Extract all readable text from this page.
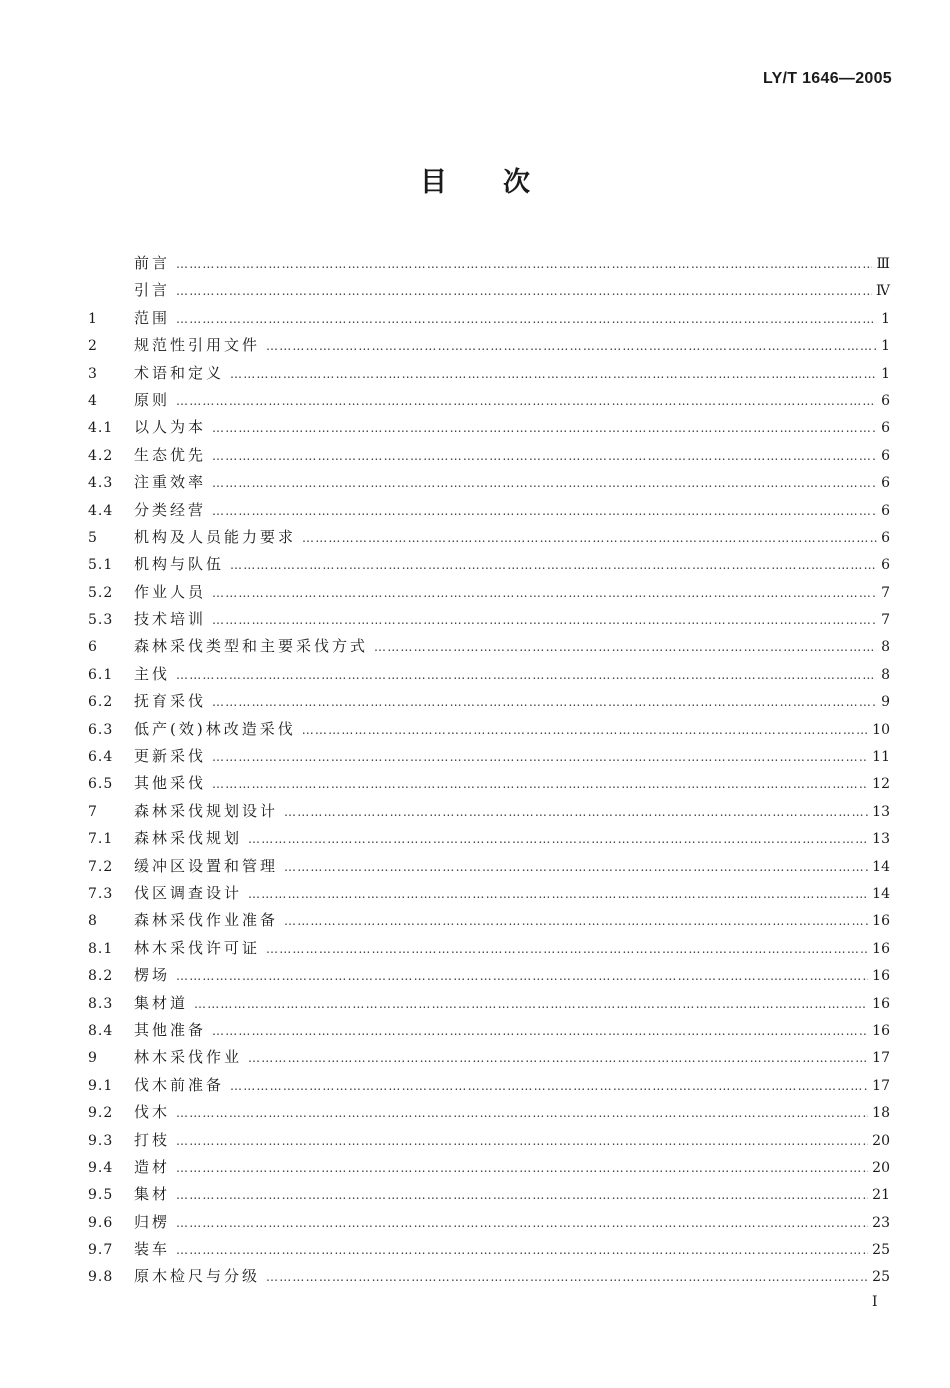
LY/T 1646—2005
目 次
前言 …………………………………………………………………………………………………………………………………………………………………………………………………………………………………………………………………	Ⅲ
引言 …………………………………………………………………………………………………………………………………………………………………………………………………………………………………………………………………	Ⅳ
1	范围 …………………………………………………………………………………………………………………………………………………………………………………………………………………………………………………………………	1
2	规范性引用文件 …………………………………………………………………………………………………………………………………………………………………………………………………………………………………………………………………	1
3	术语和定义 …………………………………………………………………………………………………………………………………………………………………………………………………………………………………………………………………	1
4	原则 …………………………………………………………………………………………………………………………………………………………………………………………………………………………………………………………………	6
4.1	以人为本 …………………………………………………………………………………………………………………………………………………………………………………………………………………………………………………………………	6
4.2	生态优先 …………………………………………………………………………………………………………………………………………………………………………………………………………………………………………………………………	6
4.3	注重效率 …………………………………………………………………………………………………………………………………………………………………………………………………………………………………………………………………	6
4.4	分类经营 …………………………………………………………………………………………………………………………………………………………………………………………………………………………………………………………………	6
5	机构及人员能力要求 …………………………………………………………………………………………………………………………………………………………………………………………………………………………………………………………………	6
5.1	机构与队伍 …………………………………………………………………………………………………………………………………………………………………………………………………………………………………………………………………	6
5.2	作业人员 …………………………………………………………………………………………………………………………………………………………………………………………………………………………………………………………………	7
5.3	技术培训 …………………………………………………………………………………………………………………………………………………………………………………………………………………………………………………………………	7
6	森林采伐类型和主要采伐方式 …………………………………………………………………………………………………………………………………………………………………………………………………………………………………………………………………	8
6.1	主伐 …………………………………………………………………………………………………………………………………………………………………………………………………………………………………………………………………	8
6.2	抚育采伐 …………………………………………………………………………………………………………………………………………………………………………………………………………………………………………………………………	9
6.3	低产(效)林改造采伐 …………………………………………………………………………………………………………………………………………………………………………………………………………………………………………………………………	10
6.4	更新采伐 …………………………………………………………………………………………………………………………………………………………………………………………………………………………………………………………………	11
6.5	其他采伐 …………………………………………………………………………………………………………………………………………………………………………………………………………………………………………………………………	12
7	森林采伐规划设计 …………………………………………………………………………………………………………………………………………………………………………………………………………………………………………………………………	13
7.1	森林采伐规划 …………………………………………………………………………………………………………………………………………………………………………………………………………………………………………………………………	13
7.2	缓冲区设置和管理 …………………………………………………………………………………………………………………………………………………………………………………………………………………………………………………………………	14
7.3	伐区调查设计 …………………………………………………………………………………………………………………………………………………………………………………………………………………………………………………………………	14
8	森林采伐作业准备 …………………………………………………………………………………………………………………………………………………………………………………………………………………………………………………………………	16
8.1	林木采伐许可证 …………………………………………………………………………………………………………………………………………………………………………………………………………………………………………………………………	16
8.2	楞场 …………………………………………………………………………………………………………………………………………………………………………………………………………………………………………………………………	16
8.3	集材道 …………………………………………………………………………………………………………………………………………………………………………………………………………………………………………………………………	16
8.4	其他准备 …………………………………………………………………………………………………………………………………………………………………………………………………………………………………………………………………	16
9	林木采伐作业 …………………………………………………………………………………………………………………………………………………………………………………………………………………………………………………………………	17
9.1	伐木前准备 …………………………………………………………………………………………………………………………………………………………………………………………………………………………………………………………………	17
9.2	伐木 …………………………………………………………………………………………………………………………………………………………………………………………………………………………………………………………………	18
9.3	打枝 …………………………………………………………………………………………………………………………………………………………………………………………………………………………………………………………………	20
9.4	造材 …………………………………………………………………………………………………………………………………………………………………………………………………………………………………………………………………	20
9.5	集材 …………………………………………………………………………………………………………………………………………………………………………………………………………………………………………………………………	21
9.6	归楞 …………………………………………………………………………………………………………………………………………………………………………………………………………………………………………………………………	23
9.7	装车 …………………………………………………………………………………………………………………………………………………………………………………………………………………………………………………………………	25
9.8	原木检尺与分级 …………………………………………………………………………………………………………………………………………………………………………………………………………………………………………………………………	25
I
